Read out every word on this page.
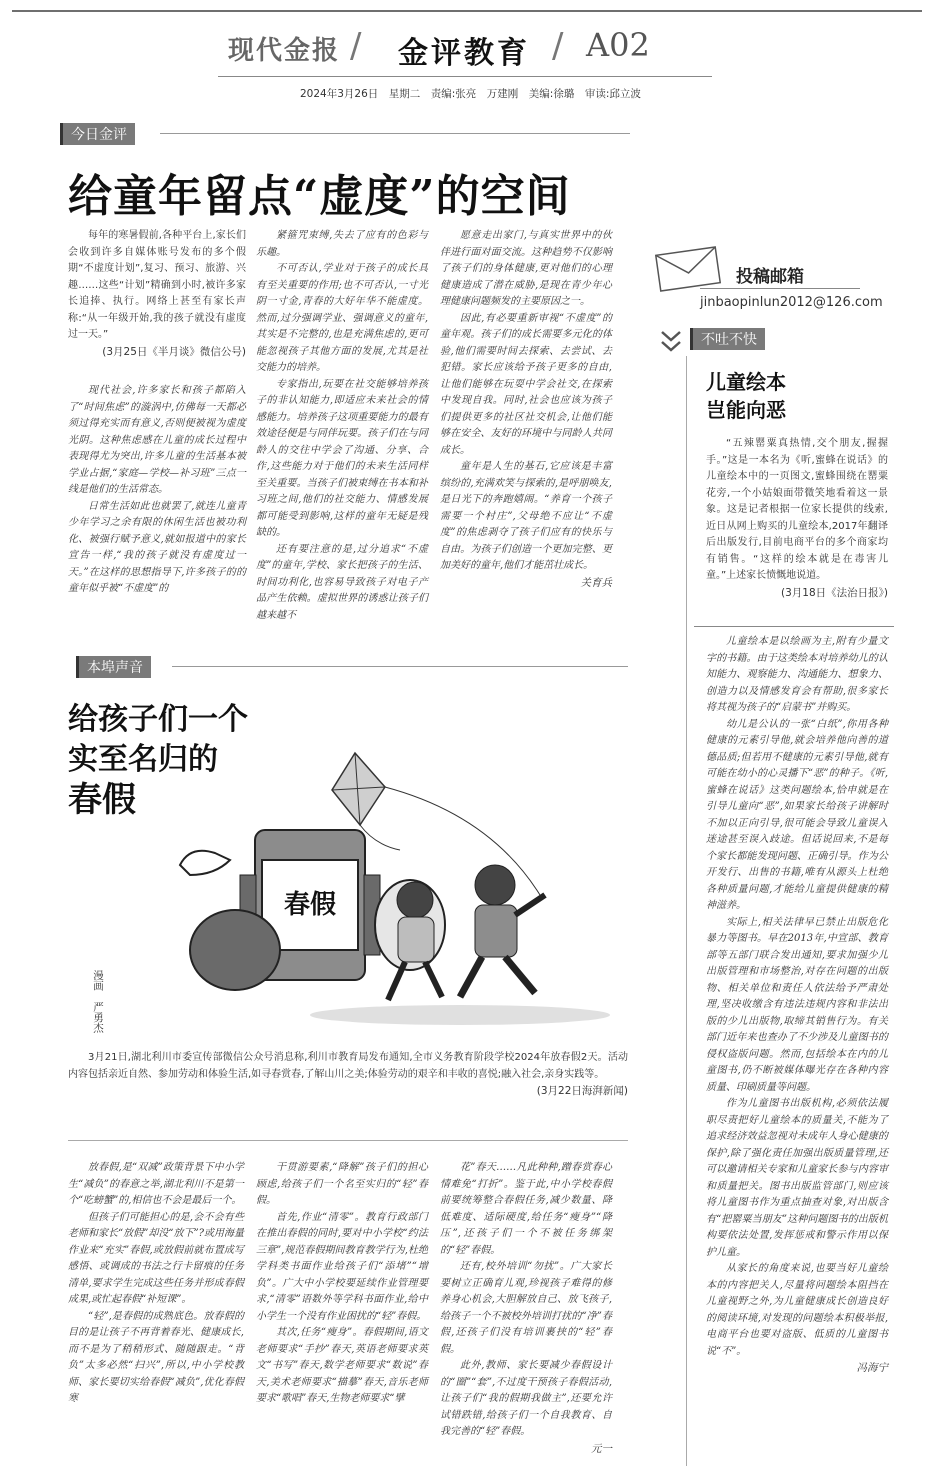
现代金报 / 金评教育 / A02
2024年3月26日　星期二　责编:张亮　万建刚　美编:徐璐　审读:邱立波
今日金评
给童年留点“虚度”的空间

每年的寒暑假前,各种平台上,家长们会收到许多自媒体账号发布的多个假期“不虚度计划”,复习、预习、旅游、兴趣……这些“计划”精确到小时,被许多家长追捧、执行。网络上甚至有家长声称:“从一年级开始,我的孩子就没有虚度过一天。”

(3月25日《半月谈》微信公号)

现代社会,许多家长和孩子都陷入了“时间焦虑”的漩涡中,仿佛每一天都必须过得充实而有意义,否则便被视为虚度光阴。这种焦虑感在儿童的成长过程中表现得尤为突出,许多儿童的生活基本被学业占据,“家庭—学校—补习班”三点一线是他们的生活常态。

日常生活如此也就罢了,就连儿童青少年学习之余有限的休闲生活也被功利化、被强行赋予意义,就如报道中的家长宣告一样,“我的孩子就没有虚度过一天。”在这样的思想指导下,许多孩子的的童年似乎被“不虚度”的

紧箍咒束缚,失去了应有的色彩与乐趣。

不可否认,学业对于孩子的成长具有至关重要的作用;也不可否认,一寸光阴一寸金,青春的大好年华不能虚度。然而,过分强调学业、强调意义的童年,其实是不完整的,也是充满焦虑的,更可能忽视孩子其他方面的发展,尤其是社交能力的培养。

专家指出,玩要在社交能够培养孩子的非认知能力,即适应未来社会的情感能力。培养孩子这项重要能力的最有效途径便是与同伴玩要。孩子们在与同龄人的交往中学会了沟通、分享、合作,这些能力对于他们的未来生活同样至关重要。当孩子们被束缚在书本和补习班之间,他们的社交能力、情感发展都可能受到影响,这样的童年无疑是残缺的。

还有要注意的是,过分追求“不虚度”的童年,学校、家长把孩子的生活、时间功利化,也容易导致孩子对电子产品产生依赖。虚拟世界的诱惑让孩子们越来越不

愿意走出家门,与真实世界中的伙伴进行面对面交流。这种趋势不仅影响了孩子们的身体健康,更对他们的心理健康造成了潜在威胁,是现在青少年心理健康问题频发的主要原因之一。

因此,有必要重新审视“不虚度”的童年观。孩子们的成长需要多元化的体验,他们需要时间去探索、去尝试、去犯错。家长应该给予孩子更多的自由,让他们能够在玩耍中学会社交,在探索中发现自我。同时,社会也应该为孩子们提供更多的社区社交机会,让他们能够在安全、友好的环境中与同龄人共同成长。

童年是人生的基石,它应该是丰富缤纷的,充满欢笑与探索的,是呼朋唤友,是日光下的奔跑嬉闹。“养育一个孩子需要一个村庄”,父母绝不应让“不虚度”的焦虑剥夺了孩子们应有的快乐与自由。为孩子们创造一个更加完整、更加美好的童年,他们才能茁壮成长。

关育兵
投稿邮箱
jinbaopinlun2012@126.com
不吐不快
儿童绘本
岂能向恶

“五辣罂粟真热情,交个朋友,握握手。”这是一本名为《听,蜜蜂在说话》的儿童绘本中的一页图文,蜜蜂围绕在罂粟花旁,一个小姑娘面带微笑地看着这一景象。这是记者根据一位家长提供的线索,近日从网上购买的儿童绘本,2017年翻译后出版发行,目前电商平台的多个商家均有销售。“这样的绘本就是在毒害儿童。”上述家长愤慨地说道。

(3月18日《法治日报》)

儿童绘本是以绘画为主,附有少量文字的书籍。由于这类绘本对培养幼儿的认知能力、观察能力、沟通能力、想象力、创造力以及情感发育会有帮助,很多家长将其视为孩子的“启蒙书”并购买。

幼儿是公认的一张“白纸”,你用各种健康的元素引导他,就会培养他向善的道德品质;但若用不健康的元素引导他,就有可能在幼小的心灵播下“恶”的种子。《听,蜜蜂在说话》这类问题绘本,恰申就是在引导儿童向“恶”,如果家长给孩子讲解时不加以正向引导,很可能会导致儿童误入迷途甚至误入歧途。但话说回来,不是每个家长都能发现问题、正确引导。作为公开发行、出售的书籍,唯有从源头上杜绝各种质量问题,才能给儿童提供健康的精神滋养。

实际上,相关法律早已禁止出版危化暴力等图书。早在2013年,中宣部、教育部等五部门联合发出通知,要求加强少儿出版管理和市场整治,对存在问题的出版物、相关单位和责任人依法给予严肃处理,坚决收缴含有违法违规内容和非法出版的少儿出版物,取缔其销售行为。有关部门近年来也查办了不少涉及儿童图书的侵权盗版问题。然而,包括绘本在内的儿童图书,仍不断被媒体曝光存在各种内容质量、印刷质量等问题。

作为儿童图书出版机构,必须依法履职尽责把好儿童绘本的质量关,不能为了追求经济效益忽视对未成年人身心健康的保护,除了强化责任加强出版质量管理,还可以邀请相关专家和儿童家长参与内容审和质量把关。图书出版监管部门,则应该将儿童图书作为重点抽查对象,对出版含有“把罂粟当朋友”这种问题图书的出版机构要依法处置,发挥惩戒和警示作用以保护儿童。

从家长的角度来说,也要当好儿童绘本的内容把关人,尽量将问题绘本阻挡在儿童视野之外,为儿童健康成长创造良好的阅读环境,对发现的问题绘本积极举报,电商平台也要对盗版、低质的儿童图书说“不”。

冯海宁
本埠声音
给孩子们一个
实至名归的
春假
春假
漫画　严勇杰

3月21日,湖北利川市委宣传部微信公众号消息称,利川市教育局发布通知,全市义务教育阶段学校2024年放春假2天。活动内容包括亲近自然、参加劳动和体验生活,如寻春赏春,了解山川之美;体验劳动的艰辛和丰收的喜悦;融入社会,亲身实践等。

(3月22日海湃新闻)

放春假,是“双减”政策背景下中小学生“减负”的春意之举,湖北利川不是第一个“吃螃蟹”的,相信也不会是最后一个。

但孩子们可能担心的是,会不会有些老师和家长“放假”却没“放下”?或用海量作业来“充实”春假,或放假前就布置成写感悟、或调成的书法之行卡留痕的任务清单,要求学生完成这些任务并形成春假成果,或忙起春假“补短课”。

“轻”,是春假的成熟底色。放春假的目的是让孩子不再背着春光、健康成长,而不是为了稍稍形式、随随跟走。“背负”太多必然“扫兴”,所以,中小学校教师、家长要切实给春假“减负”,优化春假寒

干贯游要素,“降解”孩子们的担心顾虑,给孩子们一个名至实归的“轻”春假。

首先,作业“清零”。教育行政部门在推出春假的同时,要对中小学校“约法三章”,规范春假期间教育教学行为,杜绝学科类书面作业给孩子们“添堵”“增负”。广大中小学校要延续作业管理要求,“清零”语数外等学科书面作业,给中小学生一个没有作业困扰的“轻”春假。

其次,任务“瘦身”。春假期间,语文老师要求“手抄”春天,英语老师要求英文“书写”春天,数学老师要求“数说”春天,美术老师要求“描摹”春天,音乐老师要求“歌唱”春天,生物老师要求“擘

花”春天……凡此种种,蹭春赏春心情难免“打折”。鉴于此,中小学校春假前要统筹整合春假任务,减少数量、降低难度、适际硬度,给任务“瘦身”“降压”,还孩子们一个不被任务绑架的“轻”春假。

还有,校外培训“勿扰”。广大家长要树立正确育儿观,珍视孩子难得的修养身心机会,大胆解放自己、放飞孩子,给孩子一个不被校外培训打扰的“净”春假,还孩子们没有培训裹挟的“轻”春假。

此外,教师、家长要减少春假设计的“圈”“套”,不过度干预孩子春假活动,让孩子们“我的假期我做主”,还要允许试错跌错,给孩子们一个自我教育、自我完善的“轻”春假。

元一
